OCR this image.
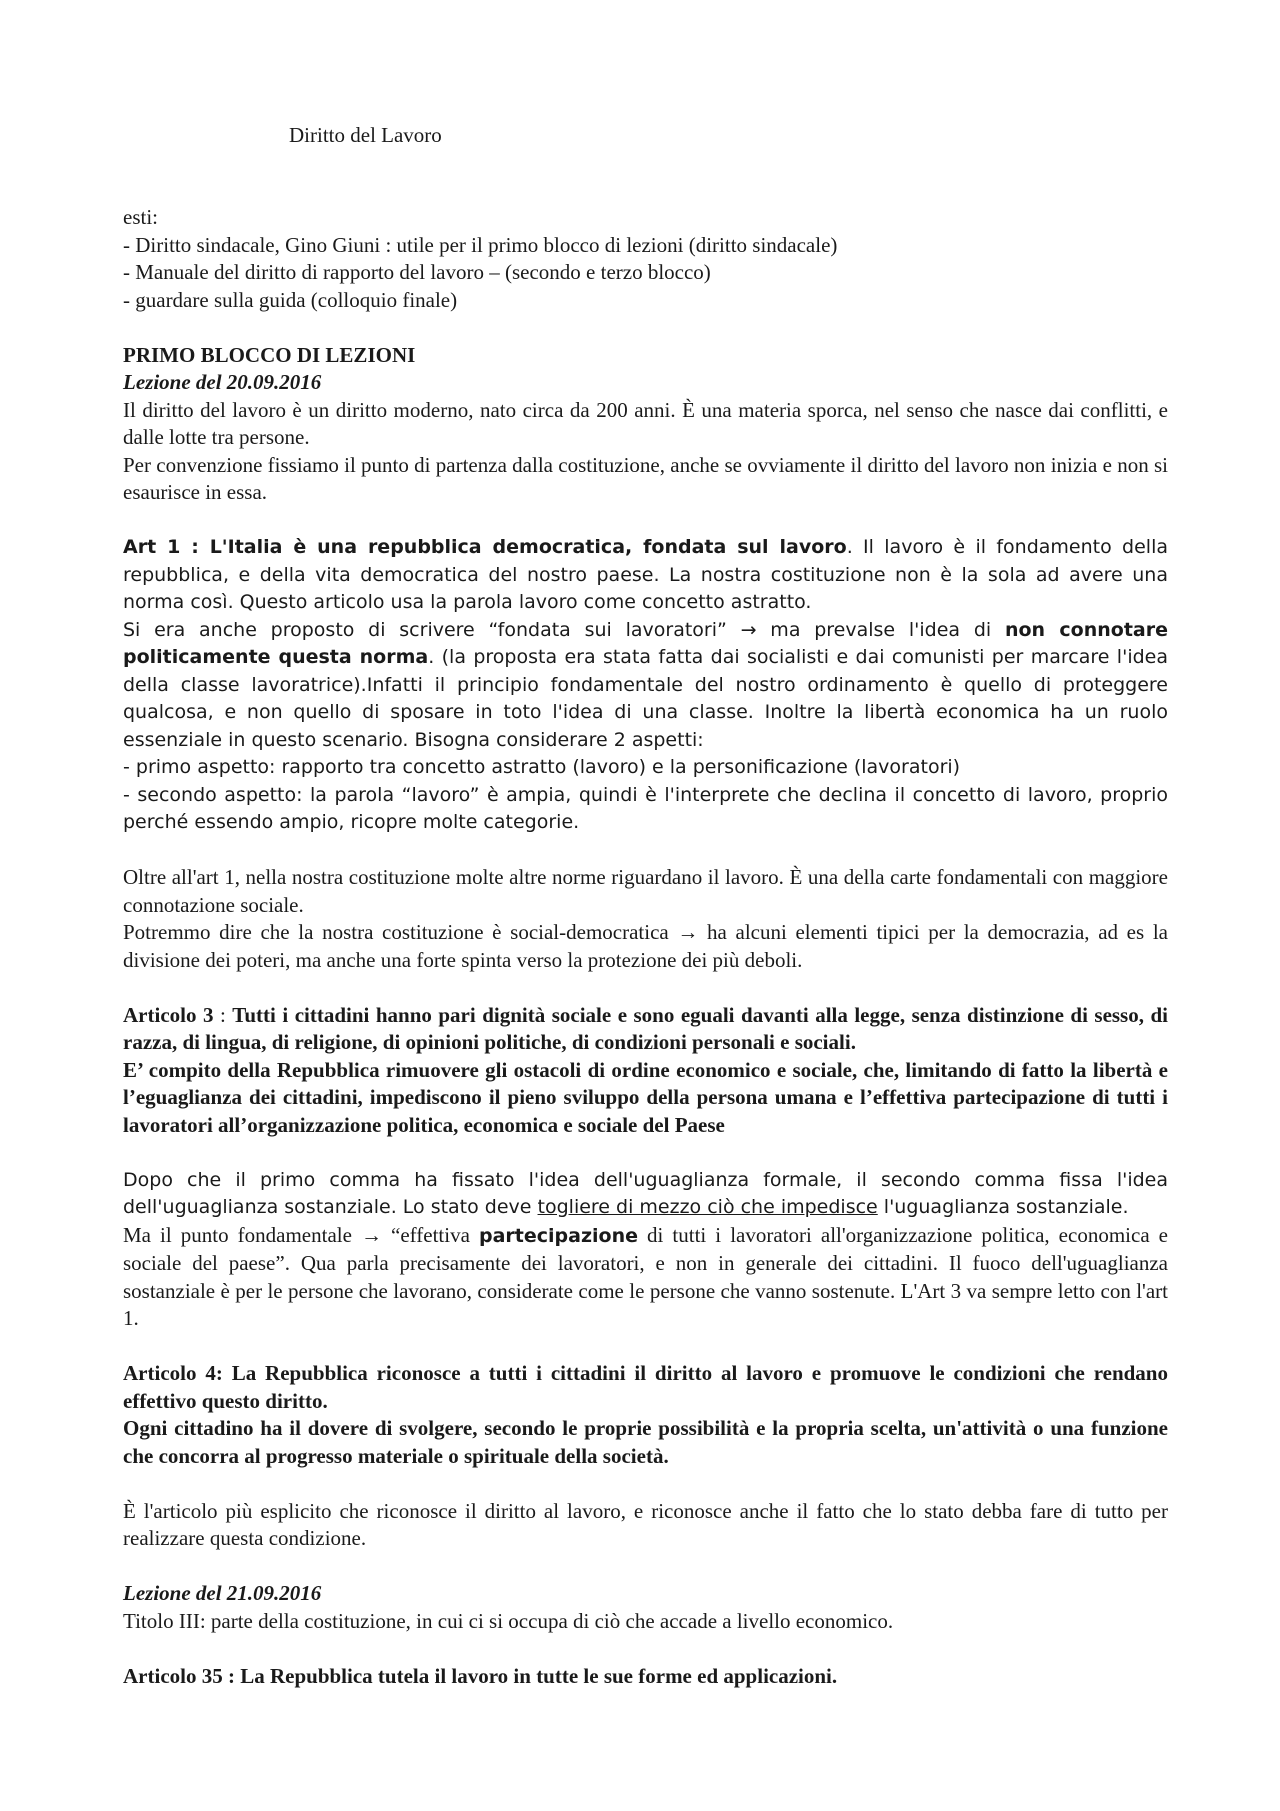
Diritto del Lavoro

esti:

- Diritto sindacale, Gino Giuni : utile per il primo blocco di lezioni (diritto sindacale)

- Manuale del diritto di rapporto del lavoro – (secondo e terzo blocco)

- guardare sulla guida (colloquio finale)

PRIMO BLOCCO DI LEZIONI

Lezione del 20.09.2016

Il diritto del lavoro è un diritto moderno, nato circa da 200 anni. È una materia sporca, nel senso che nasce dai conflitti, e dalle lotte tra persone.

Per convenzione fissiamo il punto di partenza dalla costituzione, anche se ovviamente il diritto del lavoro non inizia e non si esaurisce in essa.

Art 1 : L'Italia è una repubblica democratica, fondata sul lavoro. Il lavoro è il fondamento della repubblica, e della vita democratica del nostro paese. La nostra costituzione non è la sola ad avere una norma così. Questo articolo usa la parola lavoro come concetto astratto.

Si era anche proposto di scrivere “fondata sui lavoratori” → ma prevalse l'idea di non connotare politicamente questa norma. (la proposta era stata fatta dai socialisti e dai comunisti per marcare l'idea della classe lavoratrice).Infatti il principio fondamentale del nostro ordinamento è quello di proteggere qualcosa, e non quello di sposare in toto l'idea di una classe. Inoltre la libertà economica ha un ruolo essenziale in questo scenario. Bisogna considerare 2 aspetti:

- primo aspetto: rapporto tra concetto astratto (lavoro) e la personificazione (lavoratori)

- secondo aspetto: la parola “lavoro” è ampia, quindi è l'interprete che declina il concetto di lavoro, proprio perché essendo ampio, ricopre molte categorie.

Oltre all'art 1, nella nostra costituzione molte altre norme riguardano il lavoro. È una della carte fondamentali con maggiore connotazione sociale.

Potremmo dire che la nostra costituzione è social-democratica → ha alcuni elementi tipici per la democrazia, ad es la divisione dei poteri, ma anche una forte spinta verso la protezione dei più deboli.

Articolo 3 : Tutti i cittadini hanno pari dignità sociale e sono eguali davanti alla legge, senza distinzione di sesso, di razza, di lingua, di religione, di opinioni politiche, di condizioni personali e sociali.

E’ compito della Repubblica rimuovere gli ostacoli di ordine economico e sociale, che, limitando di fatto la libertà e l’eguaglianza dei cittadini, impediscono il pieno sviluppo della persona umana e l’effettiva partecipazione di tutti i lavoratori all’organizzazione politica, economica e sociale del Paese

Dopo che il primo comma ha fissato l'idea dell'uguaglianza formale, il secondo comma fissa l'idea dell'uguaglianza sostanziale. Lo stato deve togliere di mezzo ciò che impedisce l'uguaglianza sostanziale.

Ma il punto fondamentale → “effettiva partecipazione di tutti i lavoratori all'organizzazione politica, economica e sociale del paese”. Qua parla precisamente dei lavoratori, e non in generale dei cittadini. Il fuoco dell'uguaglianza sostanziale è per le persone che lavorano, considerate come le persone che vanno sostenute. L'Art 3 va sempre letto con l'art 1.

Articolo 4: La Repubblica riconosce a tutti i cittadini il diritto al lavoro e promuove le condizioni che rendano effettivo questo diritto.

Ogni cittadino ha il dovere di svolgere, secondo le proprie possibilità e la propria scelta, un'attività o una funzione che concorra al progresso materiale o spirituale della società.

È l'articolo più esplicito che riconosce il diritto al lavoro, e riconosce anche il fatto che lo stato debba fare di tutto per realizzare questa condizione.

Lezione del 21.09.2016

Titolo III: parte della costituzione, in cui ci si occupa di ciò che accade a livello economico.

Articolo 35 : La Repubblica tutela il lavoro in tutte le sue forme ed applicazioni.
